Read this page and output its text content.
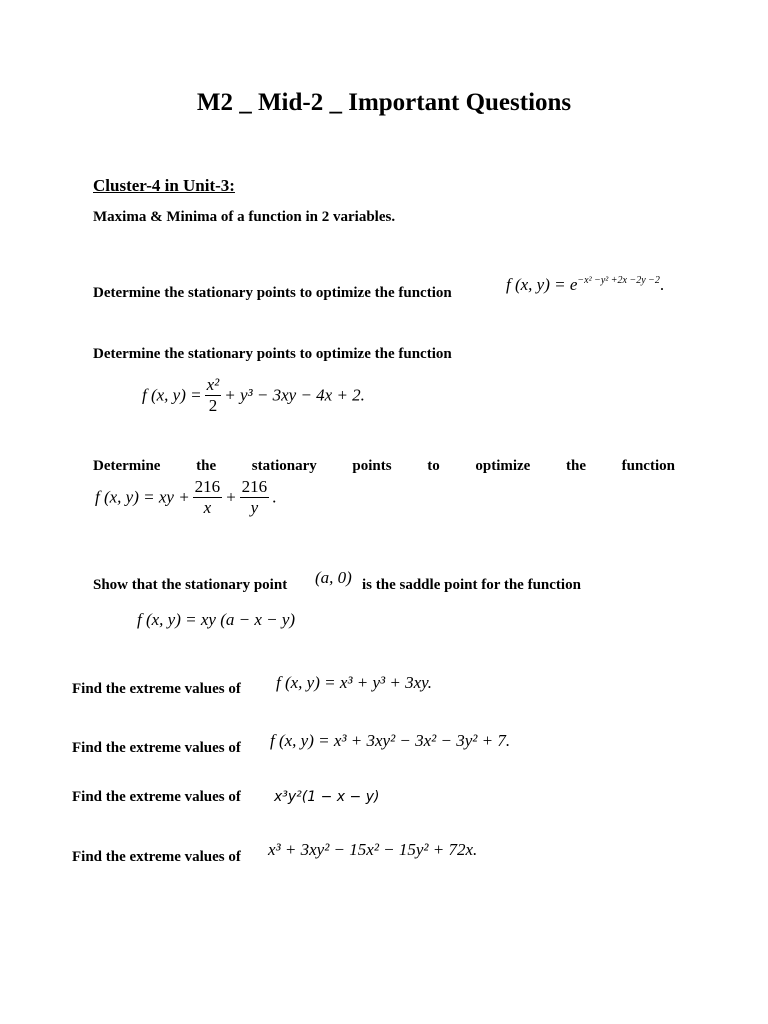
M2 _ Mid-2 _ Important Questions
Cluster-4 in Unit-3:
Maxima & Minima of a function in 2 variables.
Determine the stationary points to optimize the function	f (x, $y) = e^{-x^2 -y^2 +2x -2y -2}$.
Determine the stationary points to optimize the function
f (x, $y) = \frac{\text{x²}}{2} + y^3 - 3xy - 4x + 2$.
Determine the stationary points to optimize the function
f (x, y) = xy + $\frac{216}{x} + \frac{216}{y}$ .
Show that the stationary point (a, 0) is the saddle point for the function
f (x, y) = xy (a − x − y)
Find the extreme values of f (x, y) = x³ + y³ + 3xy.
Find the extreme values of f (x, y) = x³ + 3xy² − 3x² − 3y² + 7.
Find the extreme values of x³y²(1 − x − y)
Find the extreme values of x³ + 3xy² − 15x² − 15y² + 72x.
